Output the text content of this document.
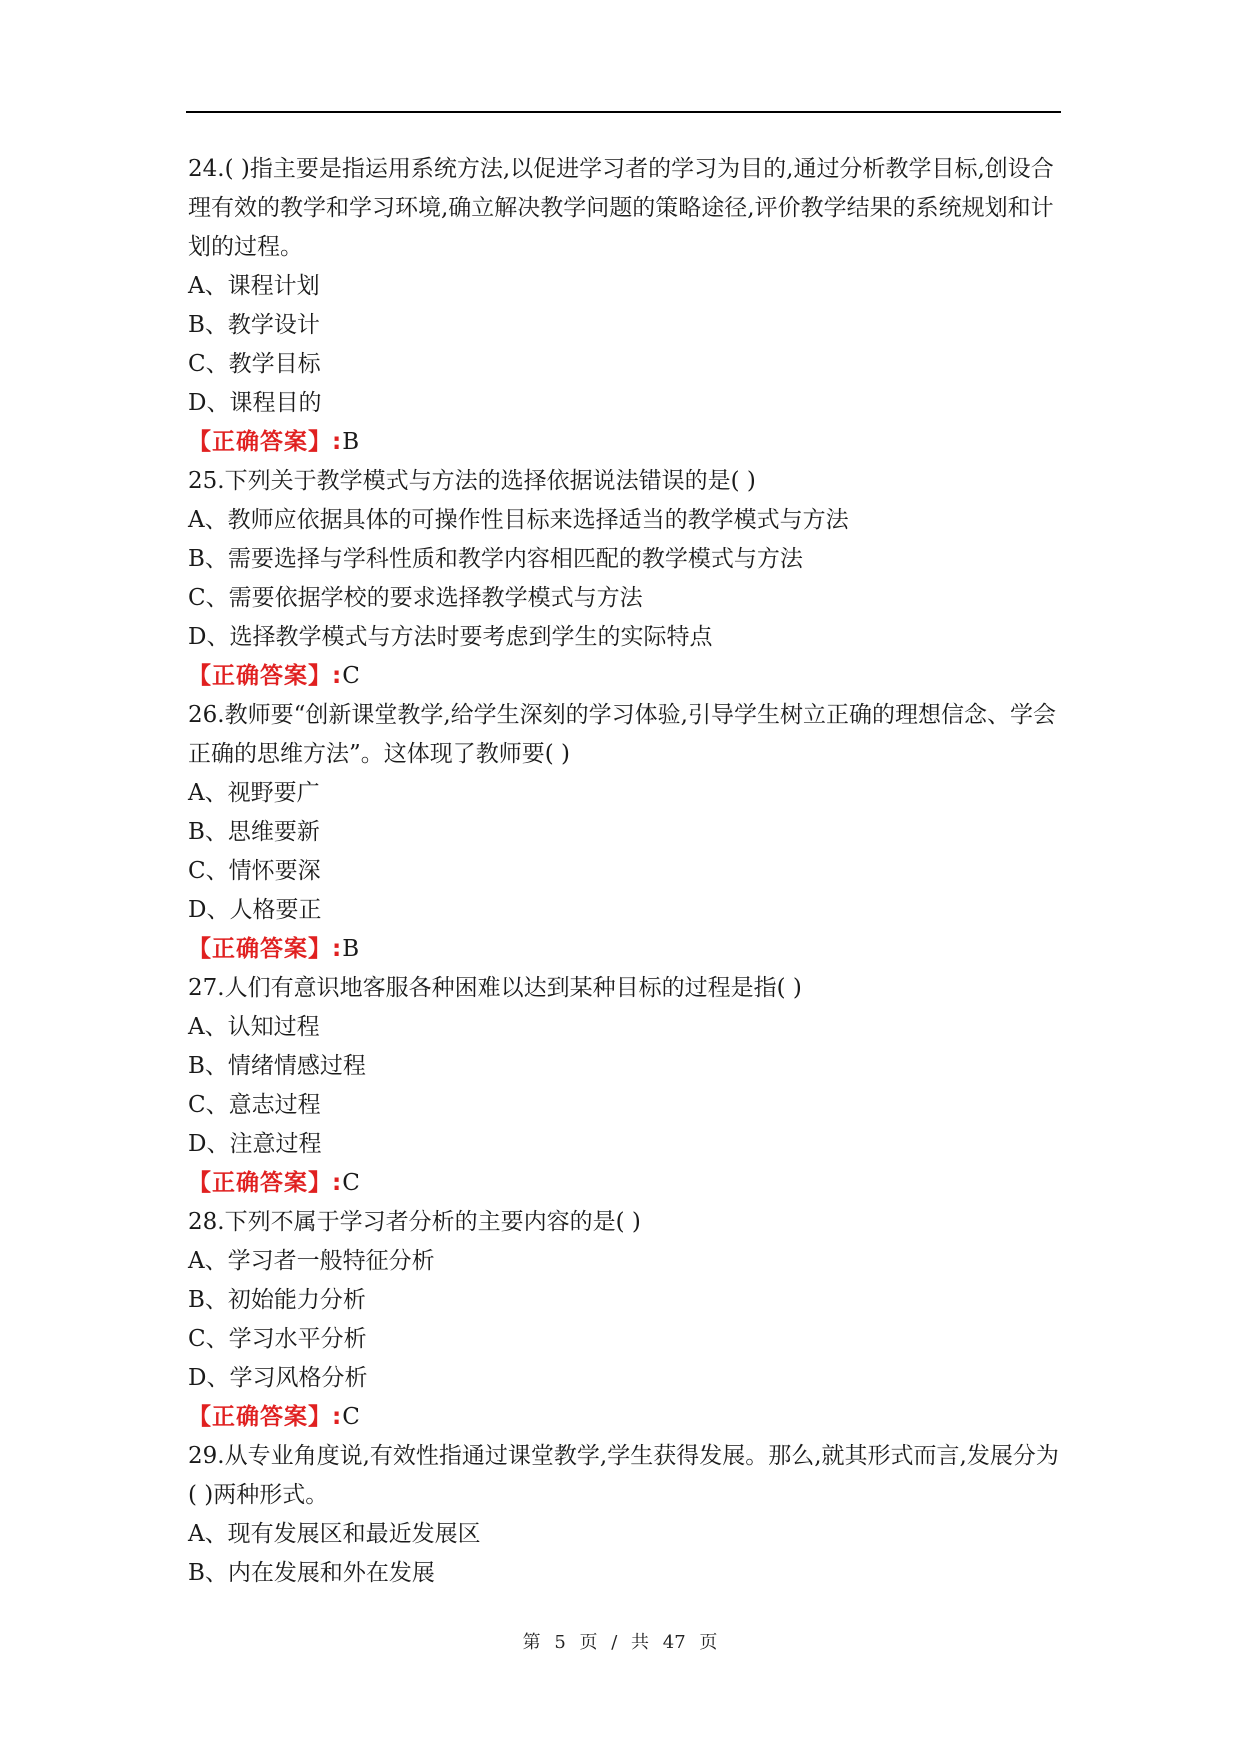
24.( )指主要是指运用系统方法,以促进学习者的学习为目的,通过分析教学目标,创设合理有效的教学和学习环境,确立解决教学问题的策略途径,评价教学结果的系统规划和计划的过程。

A、课程计划

B、教学设计

C、教学目标

D、课程目的

【正确答案】:B

25.下列关于教学模式与方法的选择依据说法错误的是( )

A、教师应依据具体的可操作性目标来选择适当的教学模式与方法

B、需要选择与学科性质和教学内容相匹配的教学模式与方法

C、需要依据学校的要求选择教学模式与方法

D、选择教学模式与方法时要考虑到学生的实际特点

【正确答案】:C

26.教师要“创新课堂教学,给学生深刻的学习体验,引导学生树立正确的理想信念、学会正确的思维方法”。这体现了教师要( )

A、视野要广

B、思维要新

C、情怀要深

D、人格要正

【正确答案】:B

27.人们有意识地客服各种困难以达到某种目标的过程是指( )

A、认知过程

B、情绪情感过程

C、意志过程

D、注意过程

【正确答案】:C

28.下列不属于学习者分析的主要内容的是( )

A、学习者一般特征分析

B、初始能力分析

C、学习水平分析

D、学习风格分析

【正确答案】:C

29.从专业角度说,有效性指通过课堂教学,学生获得发展。那么,就其形式而言,发展分为( )两种形式。

A、现有发展区和最近发展区

B、内在发展和外在发展

第 5 页 / 共 47 页
